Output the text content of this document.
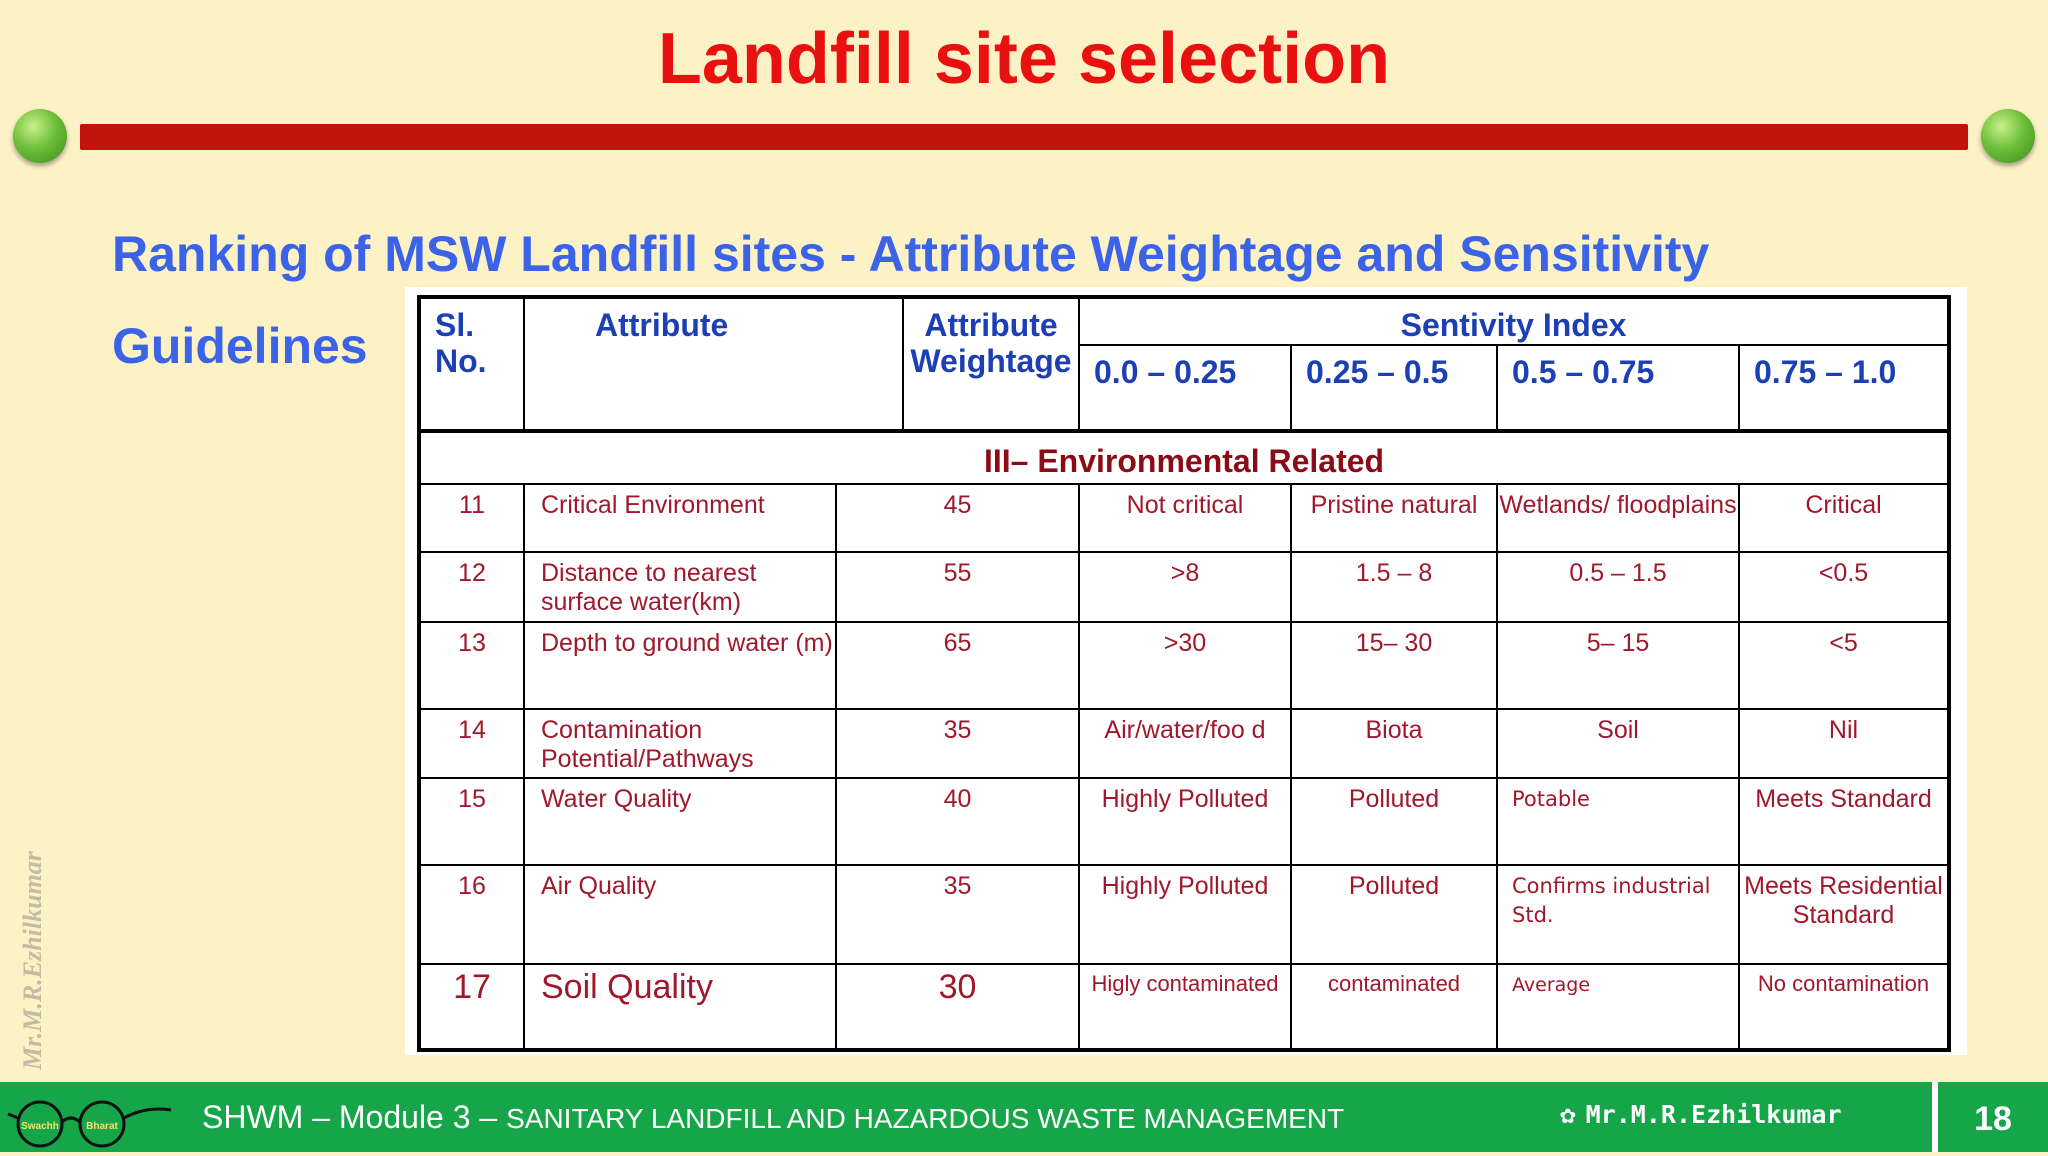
Landfill site selection
Ranking of MSW Landfill sites - Attribute Weightage and Sensitivity Guidelines	Sl. No.	Attribute		Attribute Weightage	Sentivity Index			
				0.0 – 0.25	0.25 – 0.5	0.5 – 0.75	0.75 – 1.0
III– Environmental Related							
11	Critical Environment	45		Not critical	Pristine natural	Wetlands/ floodplains	Critical
12	Distance to nearest surface water(km)	55		>8	1.5 – 8	0.5 – 1.5	<0.5
13	Depth to ground water (m)	65		>30	15– 30	5– 15	<5
14	Contamination Potential/Pathways	35		Air/water/foo d	Biota	Soil	Nil
15	Water Quality	40		Highly Polluted	Polluted	Potable	Meets Standard
16	Air Quality	35		Highly Polluted	Polluted	Confirms industrial Std.	Meets Residential Standard
17	Soil Quality	30		Higly contaminated	contaminated	Average	No contamination
Mr.M.R.Ezhilkumar
Swachh	Bharat	SHWM – Module 3 – SANITARY LANDFILL AND HAZARDOUS WASTE MANAGEMENT	✿ Mr.M.R.Ezhilkumar	18
